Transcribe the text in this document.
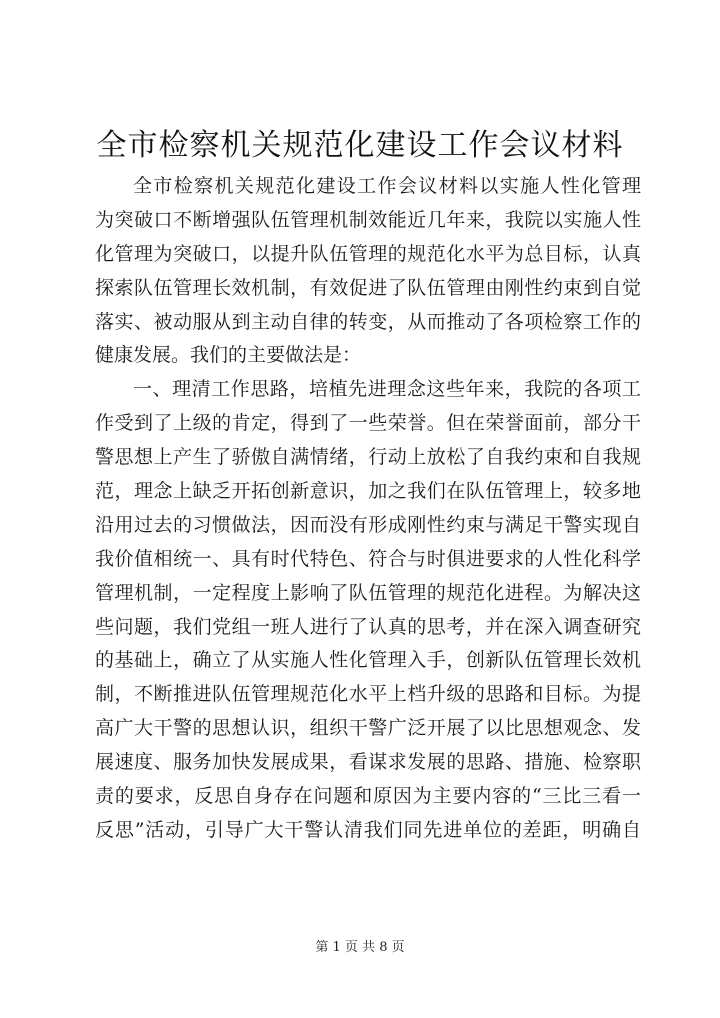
全市检察机关规范化建设工作会议材料
全市检察机关规范化建设工作会议材料以实施人性化管理
为突破口不断增强队伍管理机制效能近几年来，我院以实施人性
化管理为突破口，以提升队伍管理的规范化水平为总目标，认真
探索队伍管理长效机制，有效促进了队伍管理由刚性约束到自觉
落实、被动服从到主动自律的转变，从而推动了各项检察工作的
健康发展。我们的主要做法是：
一、理清工作思路，培植先进理念这些年来，我院的各项工
作受到了上级的肯定，得到了一些荣誉。但在荣誉面前，部分干
警思想上产生了骄傲自满情绪，行动上放松了自我约束和自我规
范，理念上缺乏开拓创新意识，加之我们在队伍管理上，较多地
沿用过去的习惯做法，因而没有形成刚性约束与满足干警实现自
我价值相统一、具有时代特色、符合与时俱进要求的人性化科学
管理机制，一定程度上影响了队伍管理的规范化进程。为解决这
些问题，我们党组一班人进行了认真的思考，并在深入调查研究
的基础上，确立了从实施人性化管理入手，创新队伍管理长效机
制，不断推进队伍管理规范化水平上档升级的思路和目标。为提
高广大干警的思想认识，组织干警广泛开展了以比思想观念、发
展速度、服务加快发展成果，看谋求发展的思路、措施、检察职
责的要求，反思自身存在问题和原因为主要内容的“三比三看一
反思”活动，引导广大干警认清我们同先进单位的差距，明确自
第 1 页 共 8 页
